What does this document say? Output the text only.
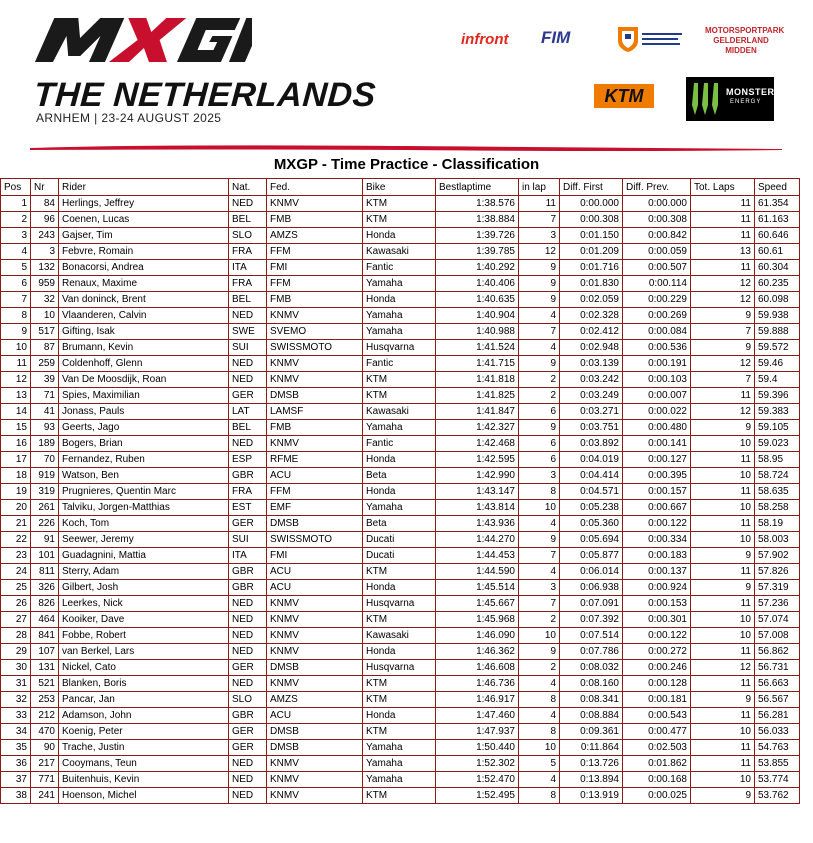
THE NETHERLANDS
ARNHEM | 23-24 AUGUST 2025
infront FIM	MOTORSPORTPARK
GELDERLAND
MIDDEN
KTM	MONSTER
ENERGY
MXGP - Time Practice - Classification
Pos	Nr	Rider	Nat.	Fed.	Bike	Bestlaptime	in lap	Diff. First	Diff. Prev.	Tot. Laps	Speed
1	84	Herlings, Jeffrey	NED	KNMV	KTM	1:38.576	11	0:00.000	0:00.000	11	61.354
2	96	Coenen, Lucas	BEL	FMB	KTM	1:38.884	7	0:00.308	0:00.308	11	61.163
3	243	Gajser, Tim	SLO	AMZS	Honda	1:39.726	3	0:01.150	0:00.842	11	60.646
4	3	Febvre, Romain	FRA	FFM	Kawasaki	1:39.785	12	0:01.209	0:00.059	13	60.61
5	132	Bonacorsi, Andrea	ITA	FMI	Fantic	1:40.292	9	0:01.716	0:00.507	11	60.304
6	959	Renaux, Maxime	FRA	FFM	Yamaha	1:40.406	9	0:01.830	0:00.114	12	60.235
7	32	Van doninck, Brent	BEL	FMB	Honda	1:40.635	9	0:02.059	0:00.229	12	60.098
8	10	Vlaanderen, Calvin	NED	KNMV	Yamaha	1:40.904	4	0:02.328	0:00.269	9	59.938
9	517	Gifting, Isak	SWE	SVEMO	Yamaha	1:40.988	7	0:02.412	0:00.084	7	59.888
10	87	Brumann, Kevin	SUI	SWISSMOTO	Husqvarna	1:41.524	4	0:02.948	0:00.536	9	59.572
11	259	Coldenhoff, Glenn	NED	KNMV	Fantic	1:41.715	9	0:03.139	0:00.191	12	59.46
12	39	Van De Moosdijk, Roan	NED	KNMV	KTM	1:41.818	2	0:03.242	0:00.103	7	59.4
13	71	Spies, Maximilian	GER	DMSB	KTM	1:41.825	2	0:03.249	0:00.007	11	59.396
14	41	Jonass, Pauls	LAT	LAMSF	Kawasaki	1:41.847	6	0:03.271	0:00.022	12	59.383
15	93	Geerts, Jago	BEL	FMB	Yamaha	1:42.327	9	0:03.751	0:00.480	9	59.105
16	189	Bogers, Brian	NED	KNMV	Fantic	1:42.468	6	0:03.892	0:00.141	10	59.023
17	70	Fernandez, Ruben	ESP	RFME	Honda	1:42.595	6	0:04.019	0:00.127	11	58.95
18	919	Watson, Ben	GBR	ACU	Beta	1:42.990	3	0:04.414	0:00.395	10	58.724
19	319	Prugnieres, Quentin Marc	FRA	FFM	Honda	1:43.147	8	0:04.571	0:00.157	11	58.635
20	261	Talviku, Jorgen-Matthias	EST	EMF	Yamaha	1:43.814	10	0:05.238	0:00.667	10	58.258
21	226	Koch, Tom	GER	DMSB	Beta	1:43.936	4	0:05.360	0:00.122	11	58.19
22	91	Seewer, Jeremy	SUI	SWISSMOTO	Ducati	1:44.270	9	0:05.694	0:00.334	10	58.003
23	101	Guadagnini, Mattia	ITA	FMI	Ducati	1:44.453	7	0:05.877	0:00.183	9	57.902
24	811	Sterry, Adam	GBR	ACU	KTM	1:44.590	4	0:06.014	0:00.137	11	57.826
25	326	Gilbert, Josh	GBR	ACU	Honda	1:45.514	3	0:06.938	0:00.924	9	57.319
26	826	Leerkes, Nick	NED	KNMV	Husqvarna	1:45.667	7	0:07.091	0:00.153	11	57.236
27	464	Kooiker, Dave	NED	KNMV	KTM	1:45.968	2	0:07.392	0:00.301	10	57.074
28	841	Fobbe, Robert	NED	KNMV	Kawasaki	1:46.090	10	0:07.514	0:00.122	10	57.008
29	107	van Berkel, Lars	NED	KNMV	Honda	1:46.362	9	0:07.786	0:00.272	11	56.862
30	131	Nickel, Cato	GER	DMSB	Husqvarna	1:46.608	2	0:08.032	0:00.246	12	56.731
31	521	Blanken, Boris	NED	KNMV	KTM	1:46.736	4	0:08.160	0:00.128	11	56.663
32	253	Pancar, Jan	SLO	AMZS	KTM	1:46.917	8	0:08.341	0:00.181	9	56.567
33	212	Adamson, John	GBR	ACU	Honda	1:47.460	4	0:08.884	0:00.543	11	56.281
34	470	Koenig, Peter	GER	DMSB	KTM	1:47.937	8	0:09.361	0:00.477	10	56.033
35	90	Trache, Justin	GER	DMSB	Yamaha	1:50.440	10	0:11.864	0:02.503	11	54.763
36	217	Cooymans, Teun	NED	KNMV	Yamaha	1:52.302	5	0:13.726	0:01.862	11	53.855
37	771	Buitenhuis, Kevin	NED	KNMV	Yamaha	1:52.470	4	0:13.894	0:00.168	10	53.774
38	241	Hoenson, Michel	NED	KNMV	KTM	1:52.495	8	0:13.919	0:00.025	9	53.762
